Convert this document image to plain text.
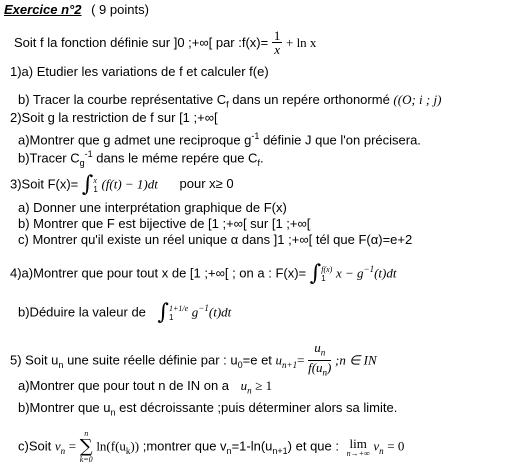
Exercice n°2 ( 9 points)
Soit f la fonction définie sur ]0 ;+∞[ par :f(x)= $\frac{1}{x} + \ln x$
1)a) Etudier les variations de f et calculer f(e)
b) Tracer la courbe représentative $C_f$ dans un repére orthonormé ((O; i ; j)
2)Soit g la restriction de f sur [1 ;+∞[
a)Montrer que g admet une reciproque $g^{-1}$ définie J que l'on précisera.
b)Tracer $C_g^{-1}$ dans le méme repére que $C_f$.
3)Soit F(x)= ∫ x
1 (f(t) − 1)dt pour x≥ 0
a) Donner une interprétation graphique de F(x)
b) Montrer que F est bijective de [1 ;+∞[ sur [1 ;+∞[
c) Montrer qu'il existe un réel unique α dans ]1 ;+∞[ tél que F(α)=e+2
4)a)Montrer que pour tout x de [1 ;+∞[ ; on a : F(x)= ∫ f(x)
1 $x - g^{-1}(t)dt$
b)Déduire la valeur de ∫ 1+1/e
1	$g^{-1}(t)dt$
5) Soit $u_n$ une suite réelle définie par : $u_0=e$ et $u_{n+1}= \frac{u_n}{f(u_n)}$ ;n ∈ IN
a)Montrer que pour tout n de IN on a $u_n \ge 1$
b)Montrer que $u_n$ est décroissante ;puis déterminer alors sa limite.
c)Soit $v_n$ =
n
∑
k=0
$\ln(f(u_k))$ ;montrer que $v_n=1-\ln(u_{n+1})$ et que : lim
n→+∞ $v_n = 0$
